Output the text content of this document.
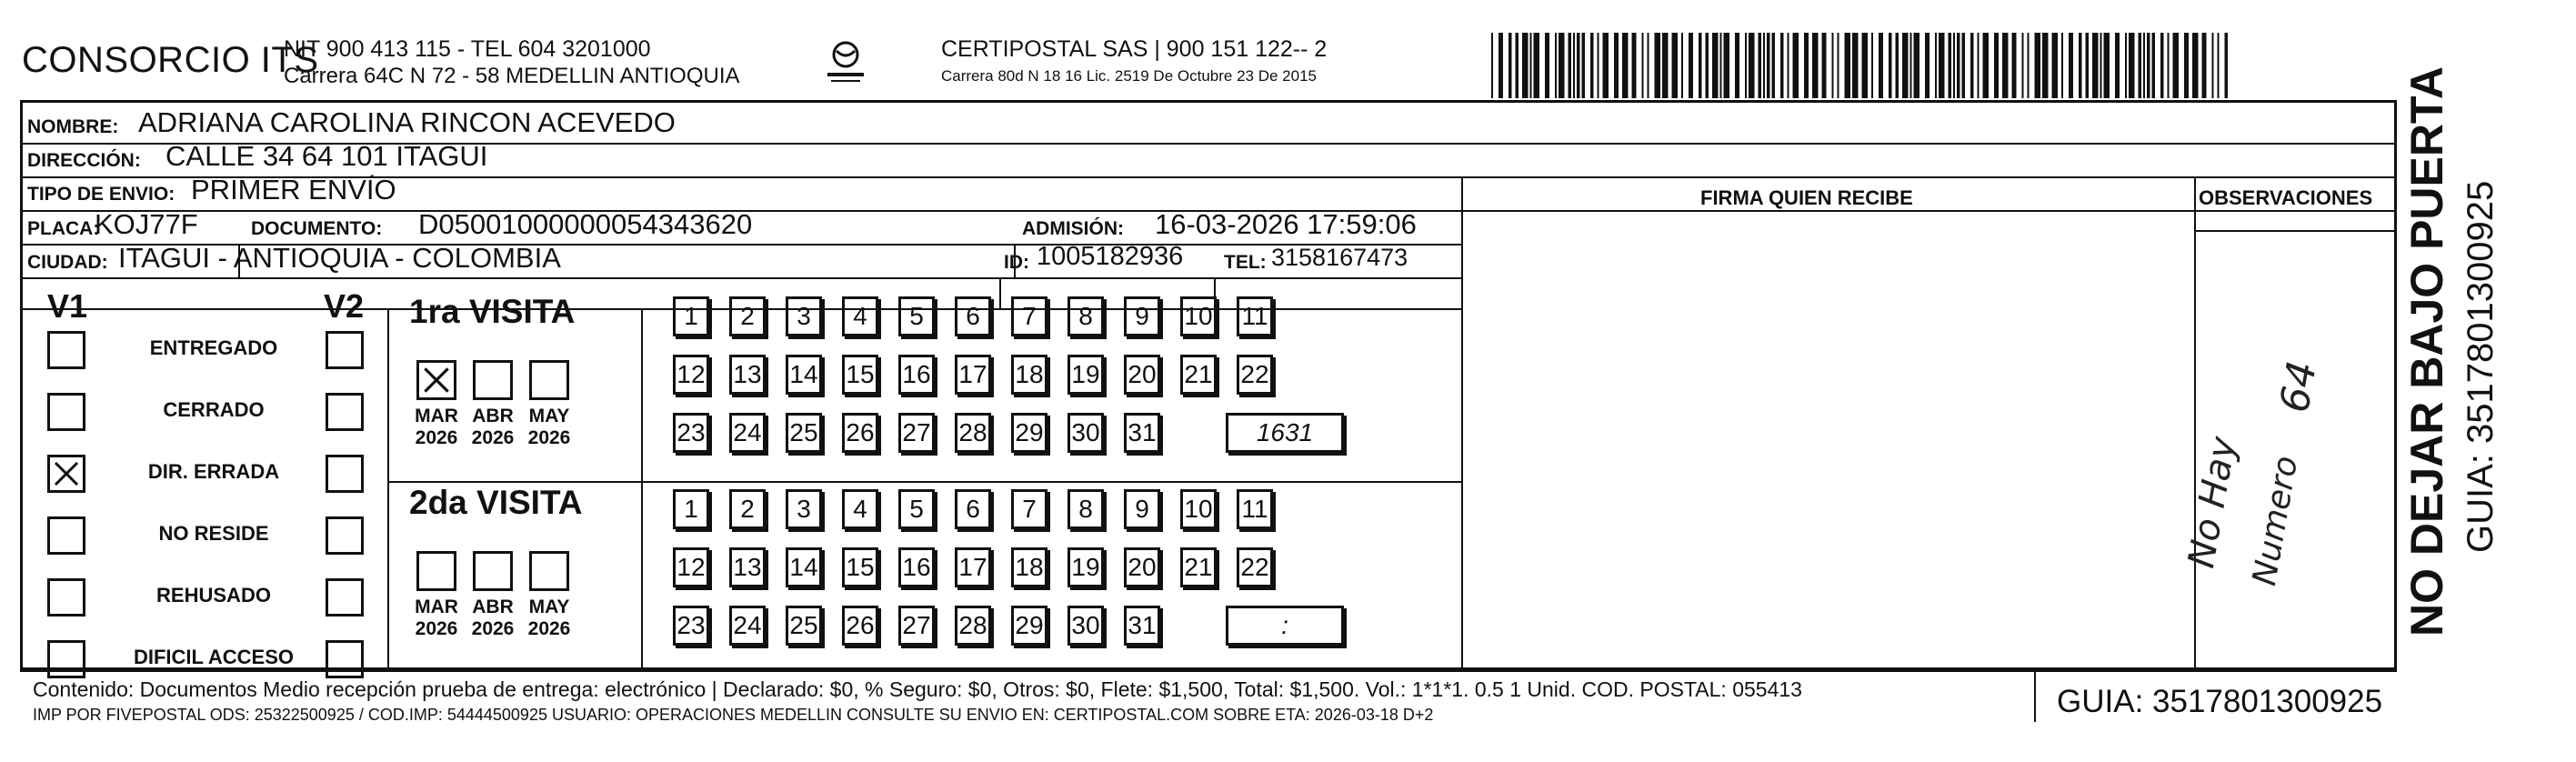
CONSORCIO ITS
NIT 900 413 115 - TEL 604 3201000
Carrera 64C N 72 - 58 MEDELLIN ANTIOQUIA
CERTIPOSTAL SAS | 900 151 122-- 2
Carrera 80d N 18 16 Lic. 2519 De Octubre 23 De 2015
NOMBRE: ADRIANA CAROLINA RINCON ACEVEDO
DIRECCIÓN: CALLE 34 64 101 ITAGUI
TIPO DE ENVIO: PRIMER ENVÍO	FIRMA QUIEN RECIBE	OBSERVACIONES
PLACA:
KOJ77F	DOCUMENTO: D05001000000054343620	ADMISIÓN: 16-03-2026 17:59:06
CIUDAD: ITAGUI - ANTIOQUIA - COLOMBIA	ID: 1005182936 TEL: 3158167473
V1	V2
ENTREGADO
CERRADO
DIR. ERRADA
NO RESIDE
REHUSADO
DIFICIL ACCESO
1ra VISITA
2da VISITA
MAR
2026
ABR
2026
MAY
2026
MAR
2026
ABR
2026
MAY
2026
1	2	3	4	5	6	7	8	9	10 11
12 13 14 15 16 17 18 19 20 21 22
23 24 25 26 27 28 29 30 31	1631
1	2	3	4	5	6	7	8	9	10 11
12 13 14 15 16 17 18 19 20 21 22
23 24 25 26 27 28 29 30 31	:
64
No Hay Numero
Contenido: Documentos Medio recepción prueba de entrega: electrónico | Declarado: $0, % Seguro: $0, Otros: $0, Flete: $1,500, Total: $1,500. Vol.: 1*1*1. 0.5 1 Unid. COD. POSTAL: 055413
IMP POR FIVEPOSTAL ODS: 25322500925 / COD.IMP: 54444500925 USUARIO: OPERACIONES MEDELLIN CONSULTE SU ENVIO EN: CERTIPOSTAL.COM SOBRE ETA: 2026-03-18 D+2	GUIA: 3517801300925
NO DEJAR BAJO PUERTA GUIA: 3517801300925
